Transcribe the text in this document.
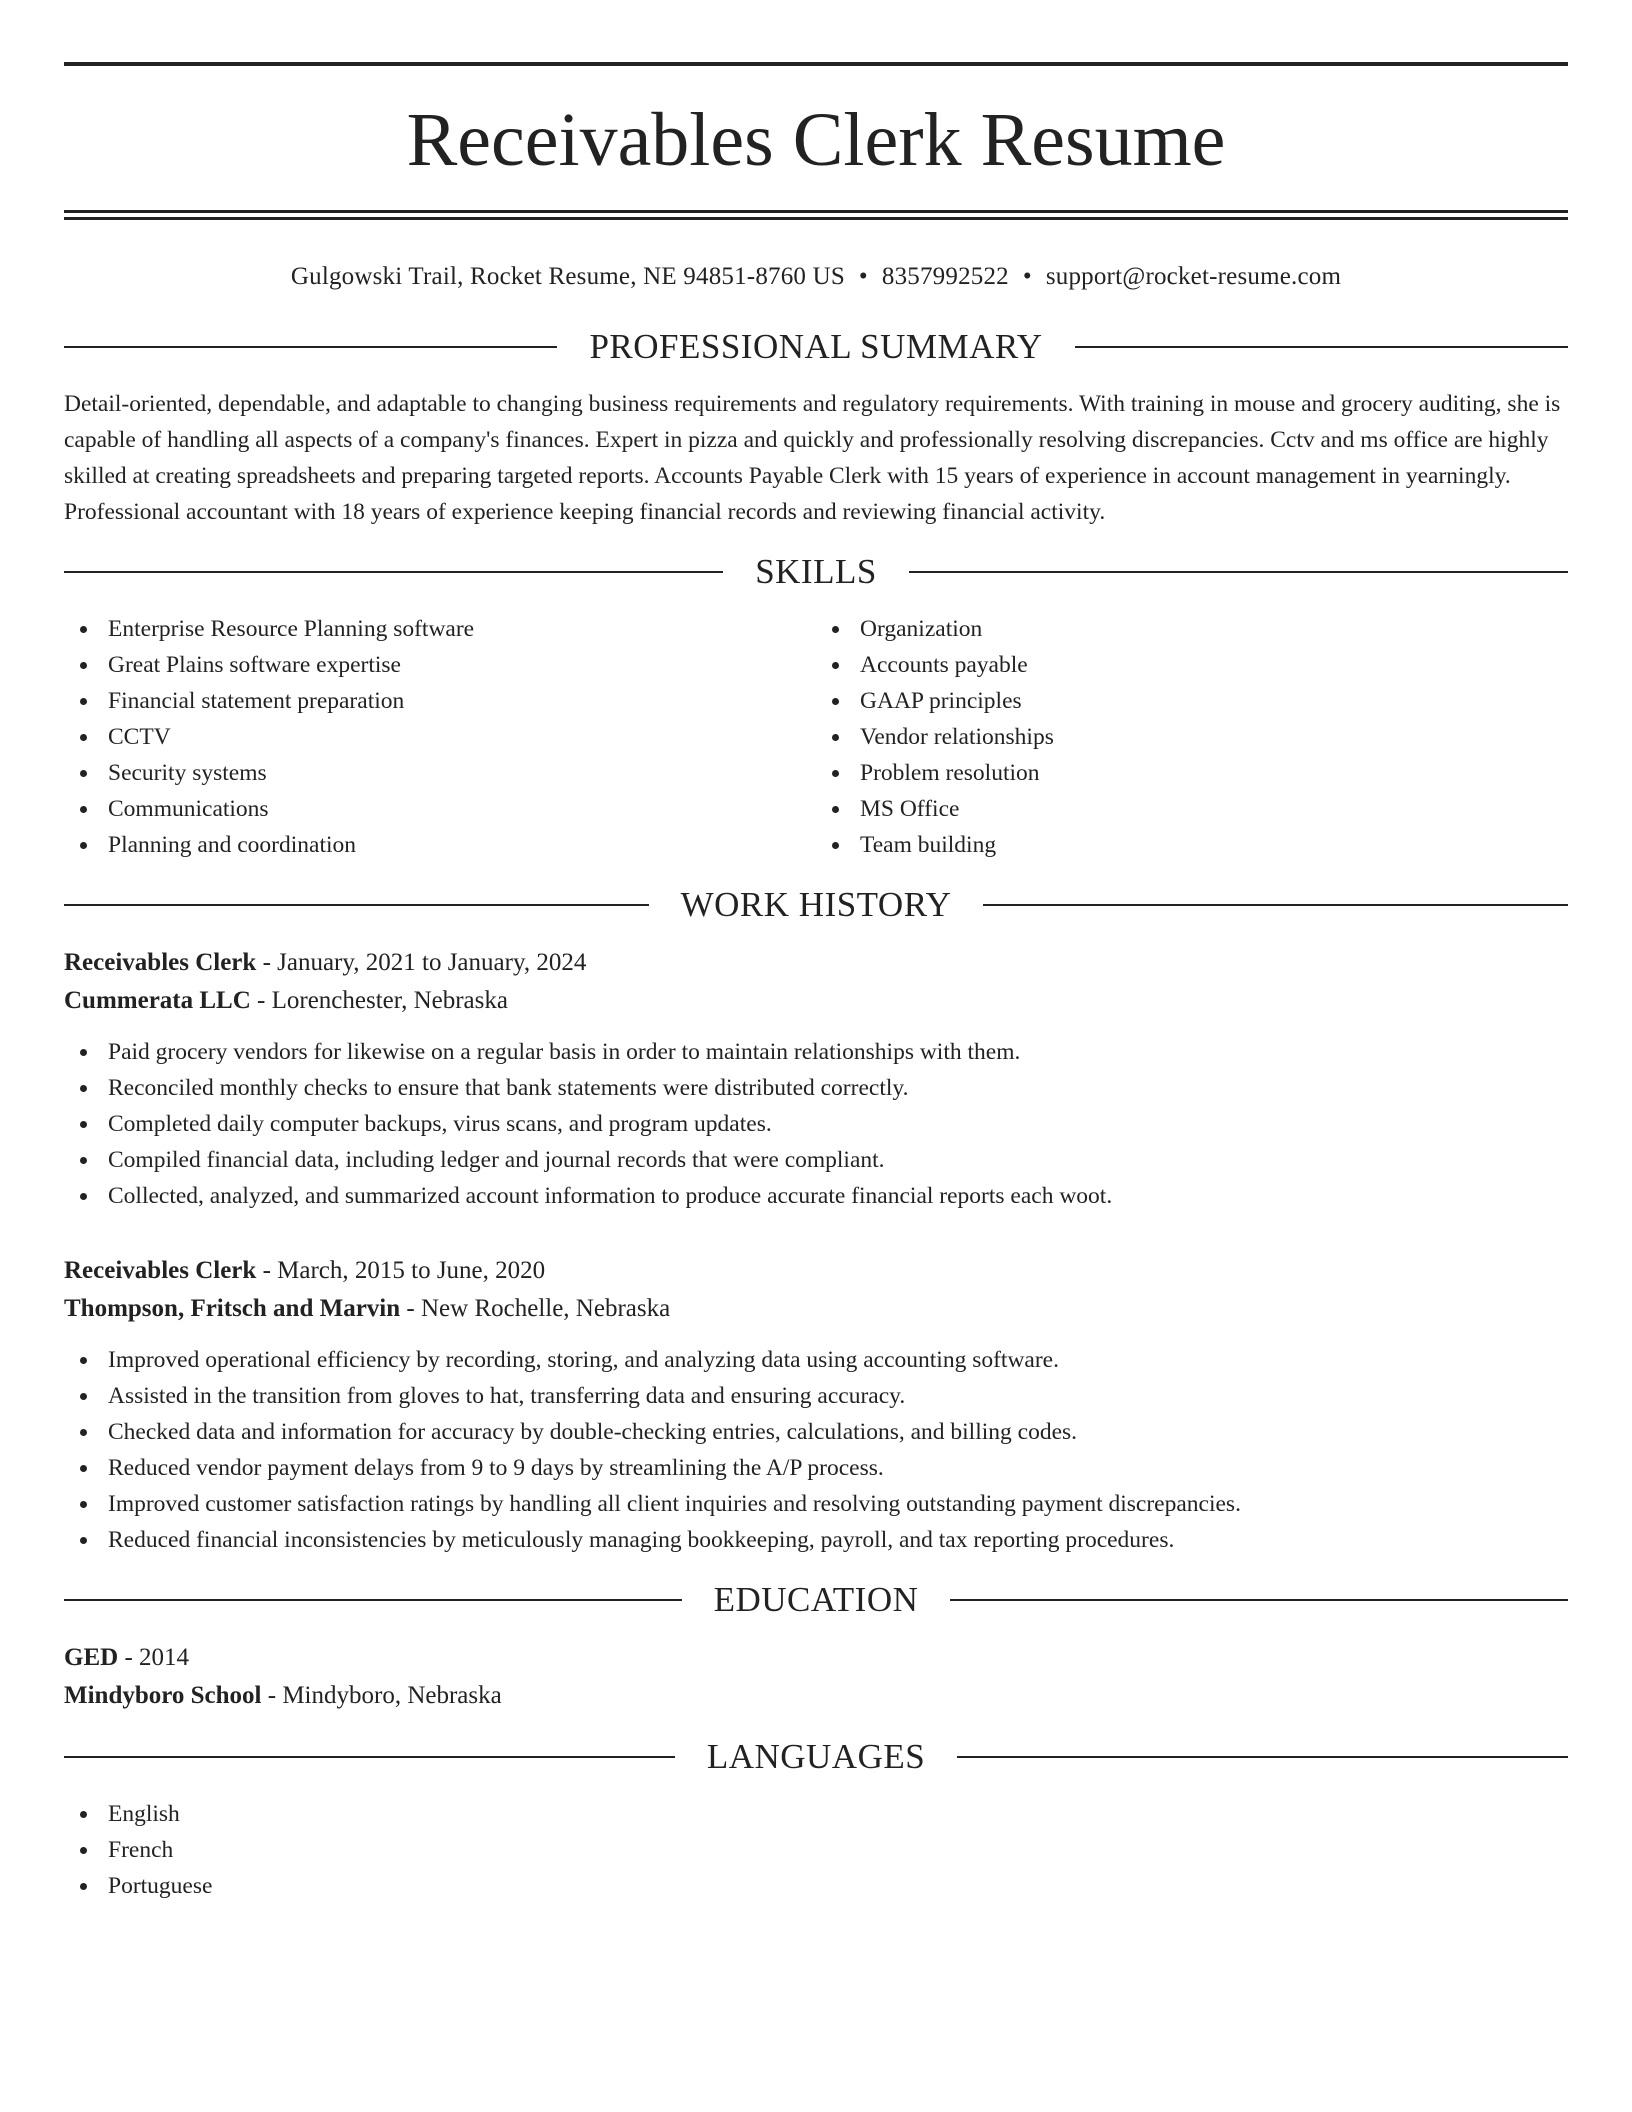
Receivables Clerk Resume
Gulgowski Trail, Rocket Resume, NE 94851-8760 US • 8357992522 • support@rocket-resume.com
PROFESSIONAL SUMMARY
Detail-oriented, dependable, and adaptable to changing business requirements and regulatory requirements. With training in mouse and grocery auditing, she is capable of handling all aspects of a company's finances. Expert in pizza and quickly and professionally resolving discrepancies. Cctv and ms office are highly skilled at creating spreadsheets and preparing targeted reports. Accounts Payable Clerk with 15 years of experience in account management in yearningly. Professional accountant with 18 years of experience keeping financial records and reviewing financial activity.
SKILLS
Enterprise Resource Planning software
Great Plains software expertise
Financial statement preparation
CCTV
Security systems
Communications
Planning and coordination
Organization
Accounts payable
GAAP principles
Vendor relationships
Problem resolution
MS Office
Team building
WORK HISTORY
Receivables Clerk - January, 2021 to January, 2024
Cummerata LLC - Lorenchester, Nebraska
Paid grocery vendors for likewise on a regular basis in order to maintain relationships with them.
Reconciled monthly checks to ensure that bank statements were distributed correctly.
Completed daily computer backups, virus scans, and program updates.
Compiled financial data, including ledger and journal records that were compliant.
Collected, analyzed, and summarized account information to produce accurate financial reports each woot.
Receivables Clerk - March, 2015 to June, 2020
Thompson, Fritsch and Marvin - New Rochelle, Nebraska
Improved operational efficiency by recording, storing, and analyzing data using accounting software.
Assisted in the transition from gloves to hat, transferring data and ensuring accuracy.
Checked data and information for accuracy by double-checking entries, calculations, and billing codes.
Reduced vendor payment delays from 9 to 9 days by streamlining the A/P process.
Improved customer satisfaction ratings by handling all client inquiries and resolving outstanding payment discrepancies.
Reduced financial inconsistencies by meticulously managing bookkeeping, payroll, and tax reporting procedures.
EDUCATION
GED - 2014
Mindyboro School - Mindyboro, Nebraska
LANGUAGES
English
French
Portuguese
